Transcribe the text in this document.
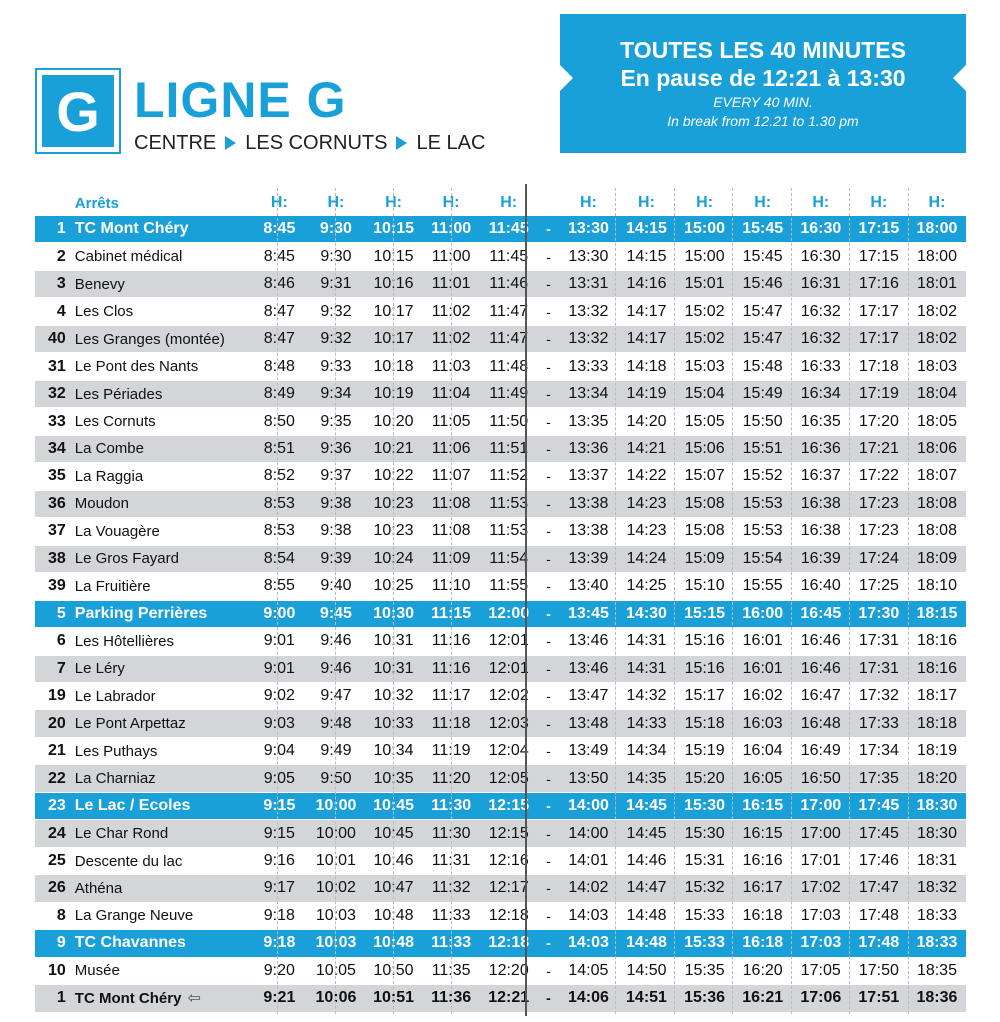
G LIGNE G
CENTRE LES CORNUTS LE LAC
TOUTES LES 40 MINUTES
En pause de 12:21 à 13:30
EVERY 40 MIN.
In break from 12.21 to 1.30 pm
Arrêts	H:	H:	H:	H:	H:	H:	H:	H:	H:	H:	H:	H:
1 TC Mont Chéry	8:45	9:30	10:15	11:00	11:45	-	13:30	14:15	15:00	15:45	16:30	17:15	18:00
2 Cabinet médical	8:45	9:30	10:15	11:00	11:45	-	13:30	14:15	15:00	15:45	16:30	17:15	18:00
3 Benevy	8:46	9:31	10:16	11:01	11:46	-	13:31	14:16	15:01	15:46	16:31	17:16	18:01
4 Les Clos	8:47	9:32	10:17	11:02	11:47	-	13:32	14:17	15:02	15:47	16:32	17:17	18:02
40 Les Granges (montée)	8:47	9:32	10:17	11:02	11:47	-	13:32	14:17	15:02	15:47	16:32	17:17	18:02
31 Le Pont des Nants	8:48	9:33	10:18	11:03	11:48	-	13:33	14:18	15:03	15:48	16:33	17:18	18:03
32 Les Périades	8:49	9:34	10:19	11:04	11:49	-	13:34	14:19	15:04	15:49	16:34	17:19	18:04
33 Les Cornuts	8:50	9:35	10:20	11:05	11:50	-	13:35	14:20	15:05	15:50	16:35	17:20	18:05
34 La Combe	8:51	9:36	10:21	11:06	11:51	-	13:36	14:21	15:06	15:51	16:36	17:21	18:06
35 La Raggia	8:52	9:37	10:22	11:07	11:52	-	13:37	14:22	15:07	15:52	16:37	17:22	18:07
36 Moudon	8:53	9:38	10:23	11:08	11:53	-	13:38	14:23	15:08	15:53	16:38	17:23	18:08
37 La Vouagère	8:53	9:38	10:23	11:08	11:53	-	13:38	14:23	15:08	15:53	16:38	17:23	18:08
38 Le Gros Fayard	8:54	9:39	10:24	11:09	11:54	-	13:39	14:24	15:09	15:54	16:39	17:24	18:09
39 La Fruitière	8:55	9:40	10:25	11:10	11:55	-	13:40	14:25	15:10	15:55	16:40	17:25	18:10
5 Parking Perrières	9:00	9:45	10:30	11:15	12:00	-	13:45	14:30	15:15	16:00	16:45	17:30	18:15
6 Les Hôtellières	9:01	9:46	10:31	11:16	12:01	-	13:46	14:31	15:16	16:01	16:46	17:31	18:16
7 Le Léry	9:01	9:46	10:31	11:16	12:01	-	13:46	14:31	15:16	16:01	16:46	17:31	18:16
19 Le Labrador	9:02	9:47	10:32	11:17	12:02	-	13:47	14:32	15:17	16:02	16:47	17:32	18:17
20 Le Pont Arpettaz	9:03	9:48	10:33	11:18	12:03	-	13:48	14:33	15:18	16:03	16:48	17:33	18:18
21 Les Puthays	9:04	9:49	10:34	11:19	12:04	-	13:49	14:34	15:19	16:04	16:49	17:34	18:19
22 La Charniaz	9:05	9:50	10:35	11:20	12:05	-	13:50	14:35	15:20	16:05	16:50	17:35	18:20
23 Le Lac / Ecoles	9:15	10:00	10:45	11:30	12:15	-	14:00	14:45	15:30	16:15	17:00	17:45	18:30
24 Le Char Rond	9:15	10:00	10:45	11:30	12:15	-	14:00	14:45	15:30	16:15	17:00	17:45	18:30
25 Descente du lac	9:16	10:01	10:46	11:31	12:16	-	14:01	14:46	15:31	16:16	17:01	17:46	18:31
26 Athéna	9:17	10:02	10:47	11:32	12:17	-	14:02	14:47	15:32	16:17	17:02	17:47	18:32
8 La Grange Neuve	9:18	10:03	10:48	11:33	12:18	-	14:03	14:48	15:33	16:18	17:03	17:48	18:33
9 TC Chavannes	9:18	10:03	10:48	11:33	12:18	-	14:03	14:48	15:33	16:18	17:03	17:48	18:33
10 Musée	9:20	10:05	10:50	11:35	12:20	-	14:05	14:50	15:35	16:20	17:05	17:50	18:35
1 TC Mont Chéry ⇦	9:21	10:06	10:51	11:36	12:21	-	14:06	14:51	15:36	16:21	17:06	17:51	18:36
